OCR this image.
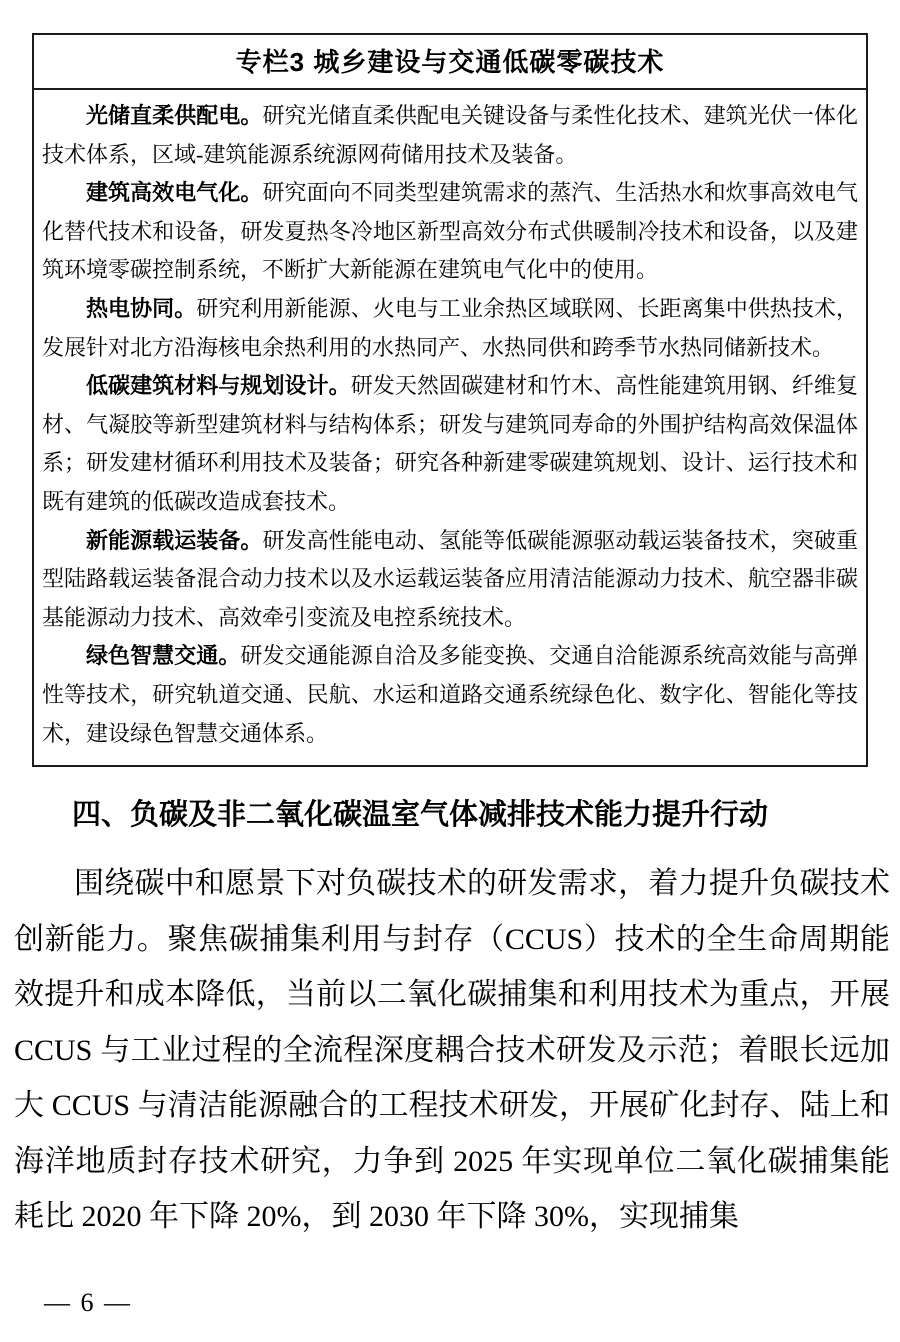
专栏3 城乡建设与交通低碳零碳技术

光储直柔供配电。研究光储直柔供配电关键设备与柔性化技术、建筑光伏一体化技术体系，区域-建筑能源系统源网荷储用技术及装备。

建筑高效电气化。研究面向不同类型建筑需求的蒸汽、生活热水和炊事高效电气化替代技术和设备，研发夏热冬冷地区新型高效分布式供暖制冷技术和设备，以及建筑环境零碳控制系统，不断扩大新能源在建筑电气化中的使用。

热电协同。研究利用新能源、火电与工业余热区域联网、长距离集中供热技术，发展针对北方沿海核电余热利用的水热同产、水热同供和跨季节水热同储新技术。

低碳建筑材料与规划设计。研发天然固碳建材和竹木、高性能建筑用钢、纤维复材、气凝胶等新型建筑材料与结构体系；研发与建筑同寿命的外围护结构高效保温体系；研发建材循环利用技术及装备；研究各种新建零碳建筑规划、设计、运行技术和既有建筑的低碳改造成套技术。

新能源载运装备。研发高性能电动、氢能等低碳能源驱动载运装备技术，突破重型陆路载运装备混合动力技术以及水运载运装备应用清洁能源动力技术、航空器非碳基能源动力技术、高效牵引变流及电控系统技术。

绿色智慧交通。研发交通能源自洽及多能变换、交通自洽能源系统高效能与高弹性等技术，研究轨道交通、民航、水运和道路交通系统绿色化、数字化、智能化等技术，建设绿色智慧交通体系。

四、负碳及非二氧化碳温室气体减排技术能力提升行动

围绕碳中和愿景下对负碳技术的研发需求，着力提升负碳技术创新能力。聚焦碳捕集利用与封存（CCUS）技术的全生命周期能效提升和成本降低，当前以二氧化碳捕集和利用技术为重点，开展 CCUS 与工业过程的全流程深度耦合技术研发及示范；着眼长远加大 CCUS 与清洁能源融合的工程技术研发，开展矿化封存、陆上和海洋地质封存技术研究，力争到 2025 年实现单位二氧化碳捕集能耗比 2020 年下降 20%，到 2030 年下降 30%，实现捕集

— 6 —
